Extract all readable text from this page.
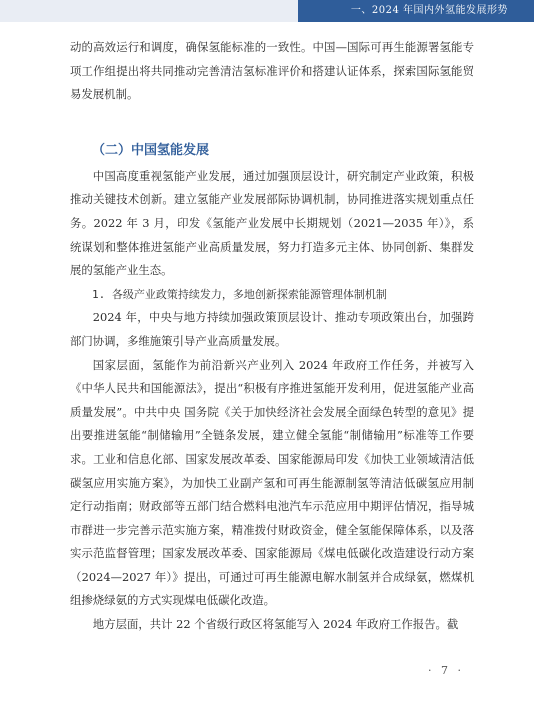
一、2024 年国内外氢能发展形势

动的高效运行和调度，确保氢能标准的一致性。中国—国际可再生能源署氢能专项工作组提出将共同推动完善清洁氢标准评价和搭建认证体系，探索国际氢能贸易发展机制。

（二）中国氢能发展

中国高度重视氢能产业发展，通过加强顶层设计，研究制定产业政策，积极推动关键技术创新。建立氢能产业发展部际协调机制，协同推进落实规划重点任务。2022 年 3 月，印发《氢能产业发展中长期规划（2021—2035 年）》，系统谋划和整体推进氢能产业高质量发展，努力打造多元主体、协同创新、集群发展的氢能产业生态。

1. 各级产业政策持续发力，多地创新探索能源管理体制机制

2024 年，中央与地方持续加强政策顶层设计、推动专项政策出台，加强跨部门协调，多维施策引导产业高质量发展。

国家层面，氢能作为前沿新兴产业列入 2024 年政府工作任务，并被写入《中华人民共和国能源法》，提出“积极有序推进氢能开发利用，促进氢能产业高质量发展”。中共中央 国务院《关于加快经济社会发展全面绿色转型的意见》提出要推进氢能“制储输用”全链条发展，建立健全氢能“制储输用”标准等工作要求。工业和信息化部、国家发展改革委、国家能源局印发《加快工业领域清洁低碳氢应用实施方案》，为加快工业副产氢和可再生能源制氢等清洁低碳氢应用制定行动指南；财政部等五部门结合燃料电池汽车示范应用中期评估情况，指导城市群进一步完善示范实施方案，精准拨付财政资金，健全氢能保障体系，以及落实示范监督管理；国家发展改革委、国家能源局《煤电低碳化改造建设行动方案（2024—2027 年）》提出，可通过可再生能源电解水制氢并合成绿氨，燃煤机组掺烧绿氨的方式实现煤电低碳化改造。

地方层面，共计 22 个省级行政区将氢能写入 2024 年政府工作报告。截

· 7 ·
